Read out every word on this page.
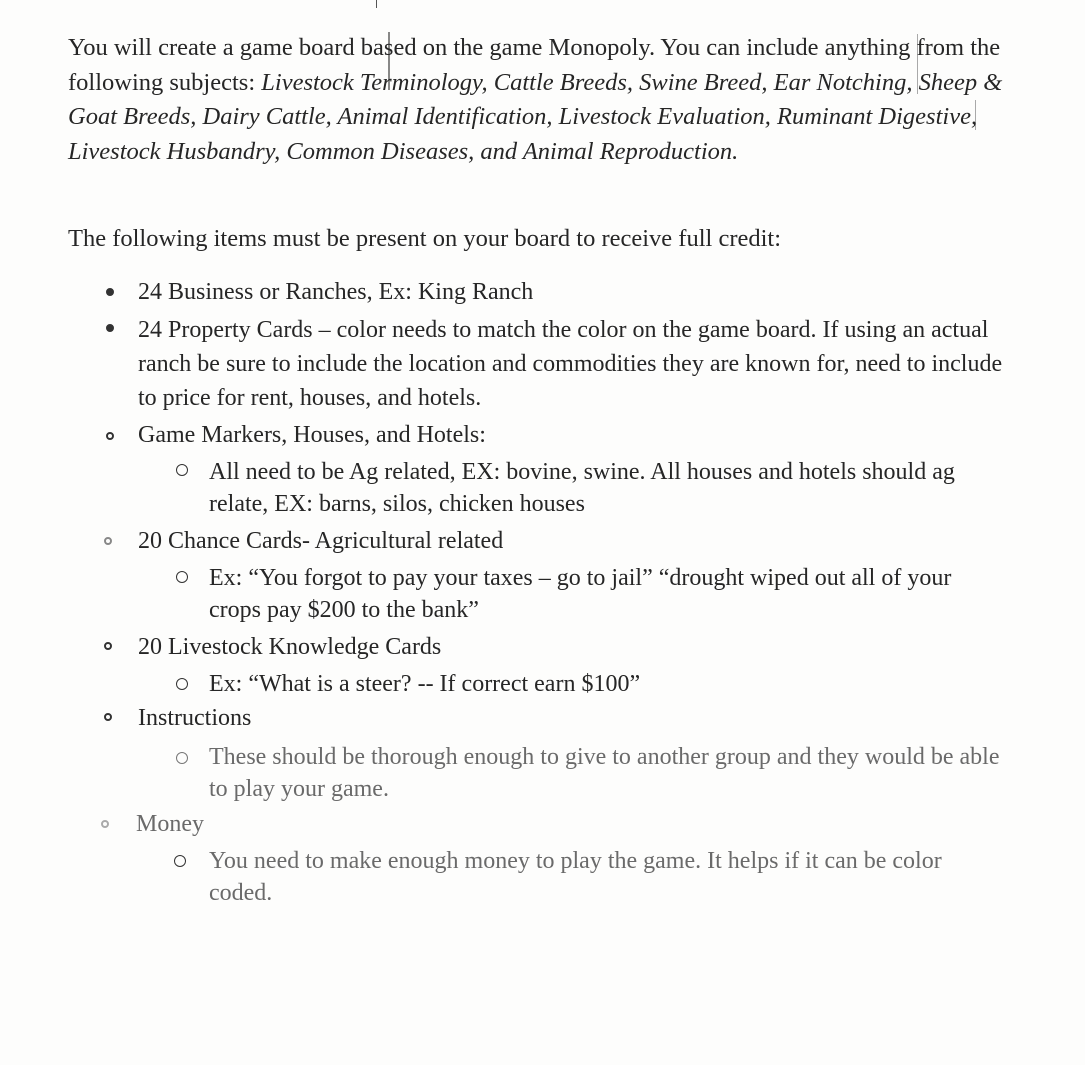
You will create a game board based on the game Monopoly. You can include anything from the following subjects: Livestock Terminology, Cattle Breeds, Swine Breed, Ear Notching, Sheep & Goat Breeds, Dairy Cattle, Animal Identification, Livestock Evaluation, Ruminant Digestive, Livestock Husbandry, Common Diseases, and Animal Reproduction.

The following items must be present on your board to receive full credit:

24 Business or Ranches, Ex: King Ranch
24 Property Cards – color needs to match the color on the game board. If using an actual ranch be sure to include the location and commodities they are known for, need to include to price for rent, houses, and hotels.
Game Markers, Houses, and Hotels:
All need to be Ag related, EX: bovine, swine. All houses and hotels should ag relate, EX: barns, silos, chicken houses
20 Chance Cards- Agricultural related
Ex: “You forgot to pay your taxes – go to jail” “drought wiped out all of your crops pay $200 to the bank”
20 Livestock Knowledge Cards
Ex: “What is a steer? -- If correct earn $100”
Instructions
These should be thorough enough to give to another group and they would be able to play your game.
Money
You need to make enough money to play the game. It helps if it can be color coded.
